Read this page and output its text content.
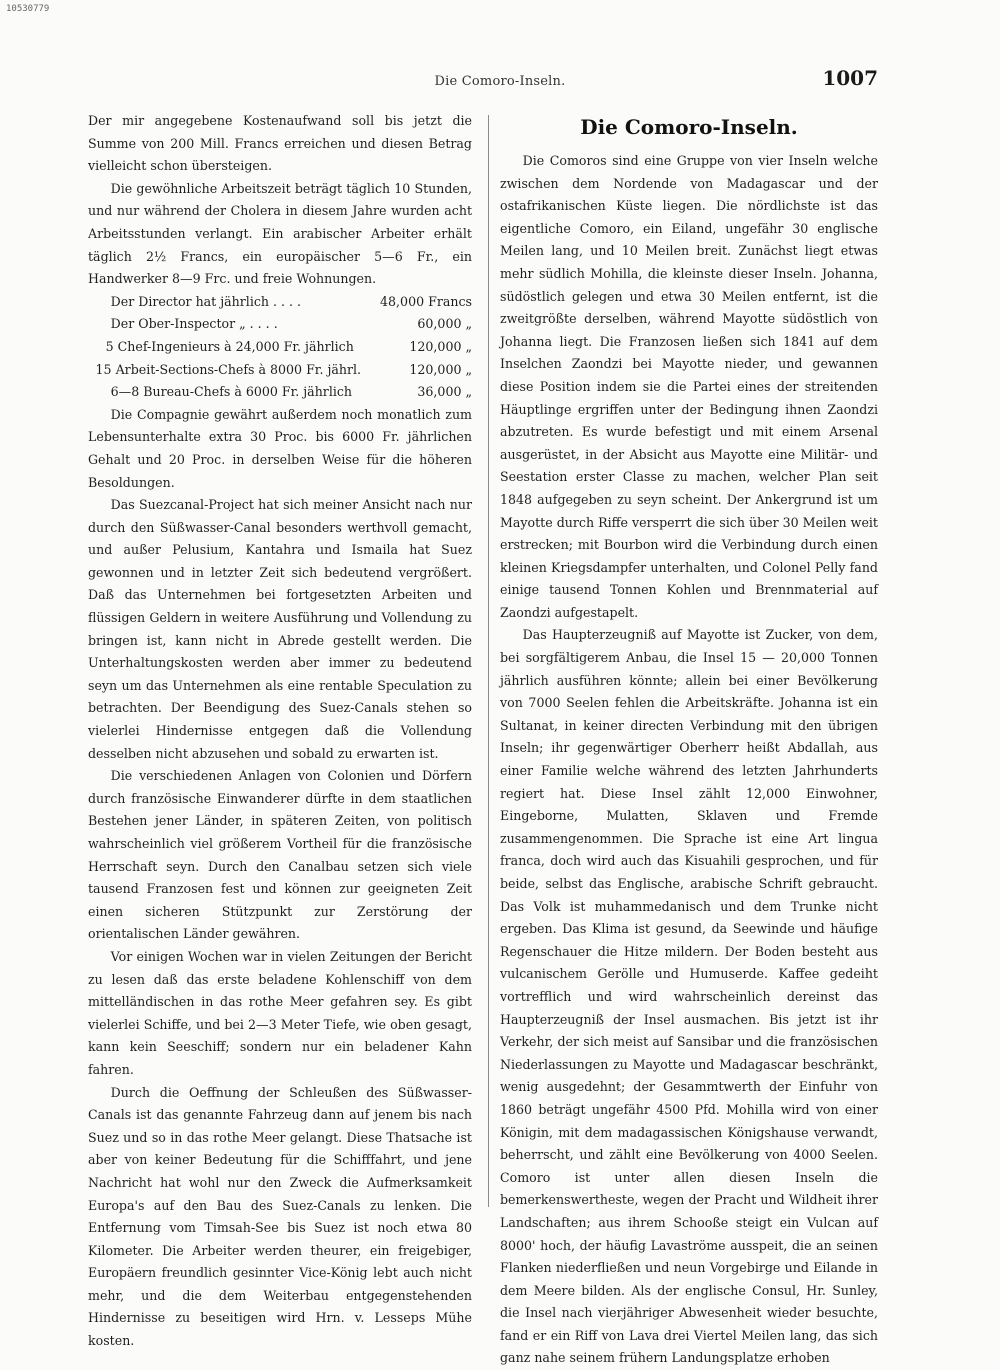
10530779
Die Comoro-Inseln.	1007

Der mir angegebene Kostenaufwand soll bis jetzt die Summe von 200 Mill. Francs erreichen und diesen Betrag vielleicht schon übersteigen.

Die gewöhnliche Arbeitszeit beträgt täglich 10 Stunden, und nur während der Cholera in diesem Jahre wurden acht Arbeitsstunden verlangt. Ein arabischer Arbeiter erhält täglich 2½ Francs, ein europäischer 5—6 Fr., ein Handwerker 8—9 Frc. und freie Wohnungen.

Der Director hat jährlich . . . .	48,000 Francs
Der Ober-Inspector „ . . . .	60,000 „
5 Chef-Ingenieurs à 24,000 Fr. jährlich	120,000 „
15 Arbeit-Sections-Chefs à 8000 Fr. jährl.	120,000 „
6—8 Bureau-Chefs à 6000 Fr. jährlich	36,000 „

Die Compagnie gewährt außerdem noch monatlich zum Lebensunterhalte extra 30 Proc. bis 6000 Fr. jährlichen Gehalt und 20 Proc. in derselben Weise für die höheren Besoldungen.

Das Suezcanal-Project hat sich meiner Ansicht nach nur durch den Süßwasser-Canal besonders werthvoll gemacht, und außer Pelusium, Kantahra und Ismaila hat Suez gewonnen und in letzter Zeit sich bedeutend vergrößert. Daß das Unternehmen bei fortgesetzten Arbeiten und flüssigen Geldern in weitere Ausführung und Vollendung zu bringen ist, kann nicht in Abrede gestellt werden. Die Unterhaltungskosten werden aber immer zu bedeutend seyn um das Unternehmen als eine rentable Speculation zu betrachten. Der Beendigung des Suez-Canals stehen so vielerlei Hindernisse entgegen daß die Vollendung desselben nicht abzusehen und sobald zu erwarten ist.

Die verschiedenen Anlagen von Colonien und Dörfern durch französische Einwanderer dürfte in dem staatlichen Bestehen jener Länder, in späteren Zeiten, von politisch wahrscheinlich viel größerem Vortheil für die französische Herrschaft seyn. Durch den Canalbau setzen sich viele tausend Franzosen fest und können zur geeigneten Zeit einen sicheren Stützpunkt zur Zerstörung der orientalischen Länder gewähren.

Vor einigen Wochen war in vielen Zeitungen der Bericht zu lesen daß das erste beladene Kohlenschiff von dem mittelländischen in das rothe Meer gefahren sey. Es gibt vielerlei Schiffe, und bei 2—3 Meter Tiefe, wie oben gesagt, kann kein Seeschiff; sondern nur ein beladener Kahn fahren.

Durch die Oeffnung der Schleußen des Süßwasser-Canals ist das genannte Fahrzeug dann auf jenem bis nach Suez und so in das rothe Meer gelangt. Diese Thatsache ist aber von keiner Bedeutung für die Schifffahrt, und jene Nachricht hat wohl nur den Zweck die Aufmerksamkeit Europa's auf den Bau des Suez-Canals zu lenken. Die Entfernung vom Timsah-See bis Suez ist noch etwa 80 Kilometer. Die Arbeiter werden theurer, ein freigebiger, Europäern freundlich gesinnter Vice-König lebt auch nicht mehr, und die dem Weiterbau entgegenstehenden Hindernisse zu beseitigen wird Hrn. v. Lesseps Mühe kosten.

Die Comoro-Inseln.

Die Comoros sind eine Gruppe von vier Inseln welche zwischen dem Nordende von Madagascar und der ostafrikanischen Küste liegen. Die nördlichste ist das eigentliche Comoro, ein Eiland, ungefähr 30 englische Meilen lang, und 10 Meilen breit. Zunächst liegt etwas mehr südlich Mohilla, die kleinste dieser Inseln. Johanna, südöstlich gelegen und etwa 30 Meilen entfernt, ist die zweitgrößte derselben, während Mayotte südöstlich von Johanna liegt. Die Franzosen ließen sich 1841 auf dem Inselchen Zaondzi bei Mayotte nieder, und gewannen diese Position indem sie die Partei eines der streitenden Häuptlinge ergriffen unter der Bedingung ihnen Zaondzi abzutreten. Es wurde befestigt und mit einem Arsenal ausgerüstet, in der Absicht aus Mayotte eine Militär- und Seestation erster Classe zu machen, welcher Plan seit 1848 aufgegeben zu seyn scheint. Der Ankergrund ist um Mayotte durch Riffe versperrt die sich über 30 Meilen weit erstrecken; mit Bourbon wird die Verbindung durch einen kleinen Kriegsdampfer unterhalten, und Colonel Pelly fand einige tausend Tonnen Kohlen und Brennmaterial auf Zaondzi aufgestapelt.

Das Haupterzeugniß auf Mayotte ist Zucker, von dem, bei sorgfältigerem Anbau, die Insel 15 — 20,000 Tonnen jährlich ausführen könnte; allein bei einer Bevölkerung von 7000 Seelen fehlen die Arbeitskräfte. Johanna ist ein Sultanat, in keiner directen Verbindung mit den übrigen Inseln; ihr gegenwärtiger Oberherr heißt Abdallah, aus einer Familie welche während des letzten Jahrhunderts regiert hat. Diese Insel zählt 12,000 Einwohner, Eingeborne, Mulatten, Sklaven und Fremde zusammengenommen. Die Sprache ist eine Art lingua franca, doch wird auch das Kisuahili gesprochen, und für beide, selbst das Englische, arabische Schrift gebraucht. Das Volk ist muhammedanisch und dem Trunke nicht ergeben. Das Klima ist gesund, da Seewinde und häufige Regenschauer die Hitze mildern. Der Boden besteht aus vulcanischem Gerölle und Humuserde. Kaffee gedeiht vortrefflich und wird wahrscheinlich dereinst das Haupterzeugniß der Insel ausmachen. Bis jetzt ist ihr Verkehr, der sich meist auf Sansibar und die französischen Niederlassungen zu Mayotte und Madagascar beschränkt, wenig ausgedehnt; der Gesammtwerth der Einfuhr von 1860 beträgt ungefähr 4500 Pfd. Mohilla wird von einer Königin, mit dem madagassischen Königshause verwandt, beherrscht, und zählt eine Bevölkerung von 4000 Seelen. Comoro ist unter allen diesen Inseln die bemerkenswertheste, wegen der Pracht und Wildheit ihrer Landschaften; aus ihrem Schooße steigt ein Vulcan auf 8000' hoch, der häufig Lavaströme ausspeit, die an seinen Flanken niederfließen und neun Vorgebirge und Eilande in dem Meere bilden. Als der englische Consul, Hr. Sunley, die Insel nach vierjähriger Abwesenheit wieder besuchte, fand er ein Riff von Lava drei Viertel Meilen lang, das sich ganz nahe seinem frühern Landungsplatze erhoben
